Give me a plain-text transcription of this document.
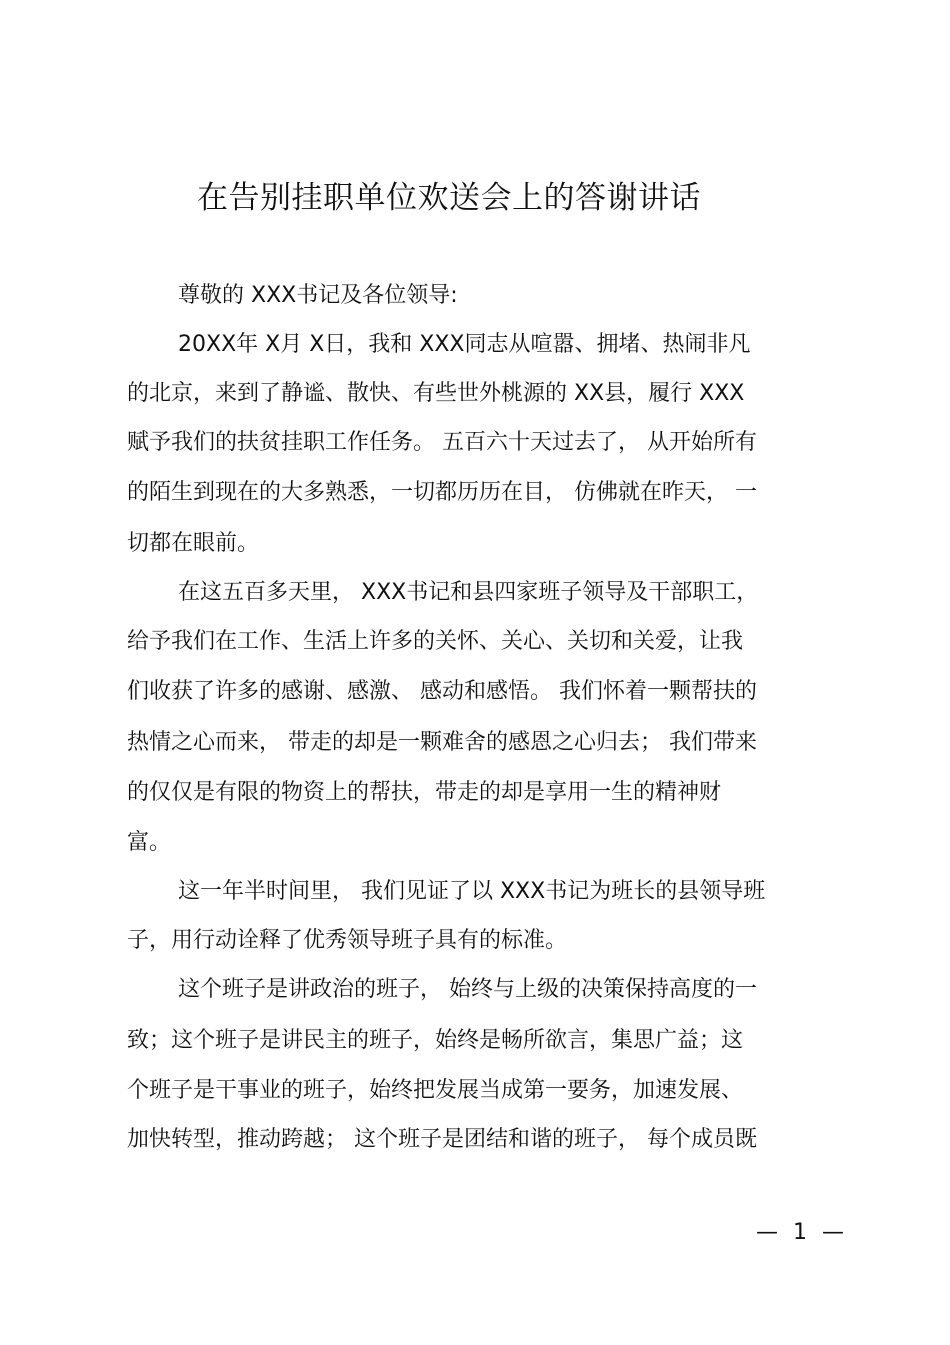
在告别挂职单位欢送会上的答谢讲话
尊敬的 XXX书记及各位领导:
20XX年 X月 X日，我和 XXX同志从喧嚣、拥堵、热闹非凡
的北京，来到了静谧、散快、有些世外桃源的 XX县，履行 XXX
赋予我们的扶贫挂职工作任务。 五百六十天过去了， 从开始所有
的陌生到现在的大多熟悉，一切都历历在目， 仿佛就在昨天， 一
切都在眼前。
在这五百多天里， XXX书记和县四家班子领导及干部职工，
给予我们在工作、生活上许多的关怀、关心、关切和关爱，让我
们收获了许多的感谢、感激、 感动和感悟。 我们怀着一颗帮扶的
热情之心而来， 带走的却是一颗难舍的感恩之心归去； 我们带来
的仅仅是有限的物资上的帮扶，带走的却是享用一生的精神财
富。
这一年半时间里， 我们见证了以 XXX书记为班长的县领导班
子，用行动诠释了优秀领导班子具有的标准。
这个班子是讲政治的班子， 始终与上级的决策保持高度的一
致；这个班子是讲民主的班子，始终是畅所欲言，集思广益；这
个班子是干事业的班子，始终把发展当成第一要务，加速发展、
加快转型，推动跨越； 这个班子是团结和谐的班子， 每个成员既
— 1 —
